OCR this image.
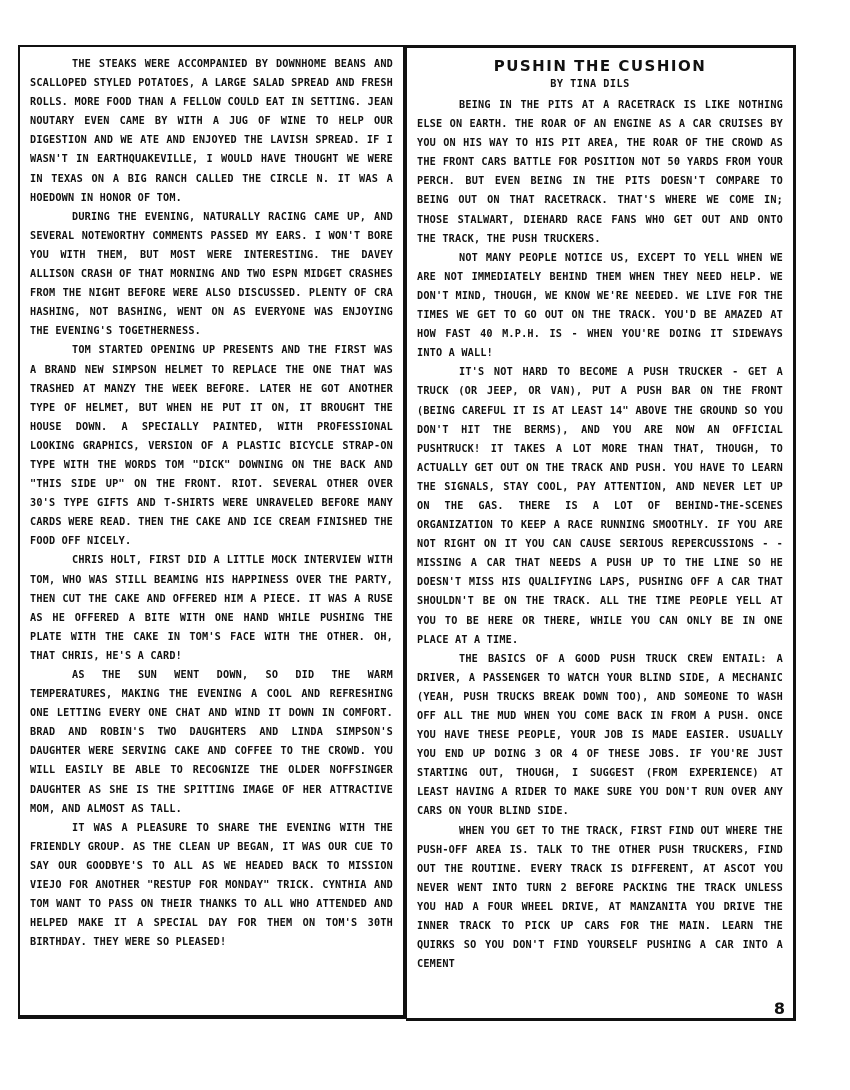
THE STEAKS WERE ACCOMPANIED BY DOWNHOME BEANS AND SCALLOPED STYLED POTATOES, A LARGE SALAD SPREAD AND FRESH ROLLS. MORE FOOD THAN A FELLOW COULD EAT IN SETTING. JEAN NOUTARY EVEN CAME BY WITH A JUG OF WINE TO HELP OUR DIGESTION AND WE ATE AND ENJOYED THE LAVISH SPREAD. IF I WASN'T IN EARTHQUAKEVILLE, I WOULD HAVE THOUGHT WE WERE IN TEXAS ON A BIG RANCH CALLED THE CIRCLE N. IT WAS A HOEDOWN IN HONOR OF TOM.

DURING THE EVENING, NATURALLY RACING CAME UP, AND SEVERAL NOTEWORTHY COMMENTS PASSED MY EARS. I WON'T BORE YOU WITH THEM, BUT MOST WERE INTERESTING. THE DAVEY ALLISON CRASH OF THAT MORNING AND TWO ESPN MIDGET CRASHES FROM THE NIGHT BEFORE WERE ALSO DISCUSSED. PLENTY OF CRA HASHING, NOT BASHING, WENT ON AS EVERYONE WAS ENJOYING THE EVENING'S TOGETHERNESS.

TOM STARTED OPENING UP PRESENTS AND THE FIRST WAS A BRAND NEW SIMPSON HELMET TO REPLACE THE ONE THAT WAS TRASHED AT MANZY THE WEEK BEFORE. LATER HE GOT ANOTHER TYPE OF HELMET, BUT WHEN HE PUT IT ON, IT BROUGHT THE HOUSE DOWN. A SPECIALLY PAINTED, WITH PROFESSIONAL LOOKING GRAPHICS, VERSION OF A PLASTIC BICYCLE STRAP-ON TYPE WITH THE WORDS TOM "DICK" DOWNING ON THE BACK AND "THIS SIDE UP" ON THE FRONT. RIOT. SEVERAL OTHER OVER 30'S TYPE GIFTS AND T-SHIRTS WERE UNRAVELED BEFORE MANY CARDS WERE READ. THEN THE CAKE AND ICE CREAM FINISHED THE FOOD OFF NICELY.

CHRIS HOLT, FIRST DID A LITTLE MOCK INTERVIEW WITH TOM, WHO WAS STILL BEAMING HIS HAPPINESS OVER THE PARTY, THEN CUT THE CAKE AND OFFERED HIM A PIECE. IT WAS A RUSE AS HE OFFERED A BITE WITH ONE HAND WHILE PUSHING THE PLATE WITH THE CAKE IN TOM'S FACE WITH THE OTHER. OH, THAT CHRIS, HE'S A CARD!

AS THE SUN WENT DOWN, SO DID THE WARM TEMPERATURES, MAKING THE EVENING A COOL AND REFRESHING ONE LETTING EVERY ONE CHAT AND WIND IT DOWN IN COMFORT. BRAD AND ROBIN'S TWO DAUGHTERS AND LINDA SIMPSON'S DAUGHTER WERE SERVING CAKE AND COFFEE TO THE CROWD. YOU WILL EASILY BE ABLE TO RECOGNIZE THE OLDER NOFFSINGER DAUGHTER AS SHE IS THE SPITTING IMAGE OF HER ATTRACTIVE MOM, AND ALMOST AS TALL.

IT WAS A PLEASURE TO SHARE THE EVENING WITH THE FRIENDLY GROUP. AS THE CLEAN UP BEGAN, IT WAS OUR CUE TO SAY OUR GOODBYE'S TO ALL AS WE HEADED BACK TO MISSION VIEJO FOR ANOTHER "RESTUP FOR MONDAY" TRICK. CYNTHIA AND TOM WANT TO PASS ON THEIR THANKS TO ALL WHO ATTENDED AND HELPED MAKE IT A SPECIAL DAY FOR THEM ON TOM'S 30TH BIRTHDAY. THEY WERE SO PLEASED!

PUSHIN THE CUSHION

BY TINA DILS

BEING IN THE PITS AT A RACETRACK IS LIKE NOTHING ELSE ON EARTH. THE ROAR OF AN ENGINE AS A CAR CRUISES BY YOU ON HIS WAY TO HIS PIT AREA, THE ROAR OF THE CROWD AS THE FRONT CARS BATTLE FOR POSITION NOT 50 YARDS FROM YOUR PERCH. BUT EVEN BEING IN THE PITS DOESN'T COMPARE TO BEING OUT ON THAT RACETRACK. THAT'S WHERE WE COME IN; THOSE STALWART, DIEHARD RACE FANS WHO GET OUT AND ONTO THE TRACK, THE PUSH TRUCKERS.

NOT MANY PEOPLE NOTICE US, EXCEPT TO YELL WHEN WE ARE NOT IMMEDIATELY BEHIND THEM WHEN THEY NEED HELP. WE DON'T MIND, THOUGH, WE KNOW WE'RE NEEDED. WE LIVE FOR THE TIMES WE GET TO GO OUT ON THE TRACK. YOU'D BE AMAZED AT HOW FAST 40 M.P.H. IS - WHEN YOU'RE DOING IT SIDEWAYS INTO A WALL!

IT'S NOT HARD TO BECOME A PUSH TRUCKER - GET A TRUCK (OR JEEP, OR VAN), PUT A PUSH BAR ON THE FRONT (BEING CAREFUL IT IS AT LEAST 14" ABOVE THE GROUND SO YOU DON'T HIT THE BERMS), AND YOU ARE NOW AN OFFICIAL PUSHTRUCK! IT TAKES A LOT MORE THAN THAT, THOUGH, TO ACTUALLY GET OUT ON THE TRACK AND PUSH. YOU HAVE TO LEARN THE SIGNALS, STAY COOL, PAY ATTENTION, AND NEVER LET UP ON THE GAS. THERE IS A LOT OF BEHIND-THE-SCENES ORGANIZATION TO KEEP A RACE RUNNING SMOOTHLY. IF YOU ARE NOT RIGHT ON IT YOU CAN CAUSE SERIOUS REPERCUSSIONS - - MISSING A CAR THAT NEEDS A PUSH UP TO THE LINE SO HE DOESN'T MISS HIS QUALIFYING LAPS, PUSHING OFF A CAR THAT SHOULDN'T BE ON THE TRACK. ALL THE TIME PEOPLE YELL AT YOU TO BE HERE OR THERE, WHILE YOU CAN ONLY BE IN ONE PLACE AT A TIME.

THE BASICS OF A GOOD PUSH TRUCK CREW ENTAIL: A DRIVER, A PASSENGER TO WATCH YOUR BLIND SIDE, A MECHANIC (YEAH, PUSH TRUCKS BREAK DOWN TOO), AND SOMEONE TO WASH OFF ALL THE MUD WHEN YOU COME BACK IN FROM A PUSH. ONCE YOU HAVE THESE PEOPLE, YOUR JOB IS MADE EASIER. USUALLY YOU END UP DOING 3 OR 4 OF THESE JOBS. IF YOU'RE JUST STARTING OUT, THOUGH, I SUGGEST (FROM EXPERIENCE) AT LEAST HAVING A RIDER TO MAKE SURE YOU DON'T RUN OVER ANY CARS ON YOUR BLIND SIDE.

WHEN YOU GET TO THE TRACK, FIRST FIND OUT WHERE THE PUSH-OFF AREA IS. TALK TO THE OTHER PUSH TRUCKERS, FIND OUT THE ROUTINE. EVERY TRACK IS DIFFERENT, AT ASCOT YOU NEVER WENT INTO TURN 2 BEFORE PACKING THE TRACK UNLESS YOU HAD A FOUR WHEEL DRIVE, AT MANZANITA YOU DRIVE THE INNER TRACK TO PICK UP CARS FOR THE MAIN. LEARN THE QUIRKS SO YOU DON'T FIND YOURSELF PUSHING A CAR INTO A CEMENT

8
